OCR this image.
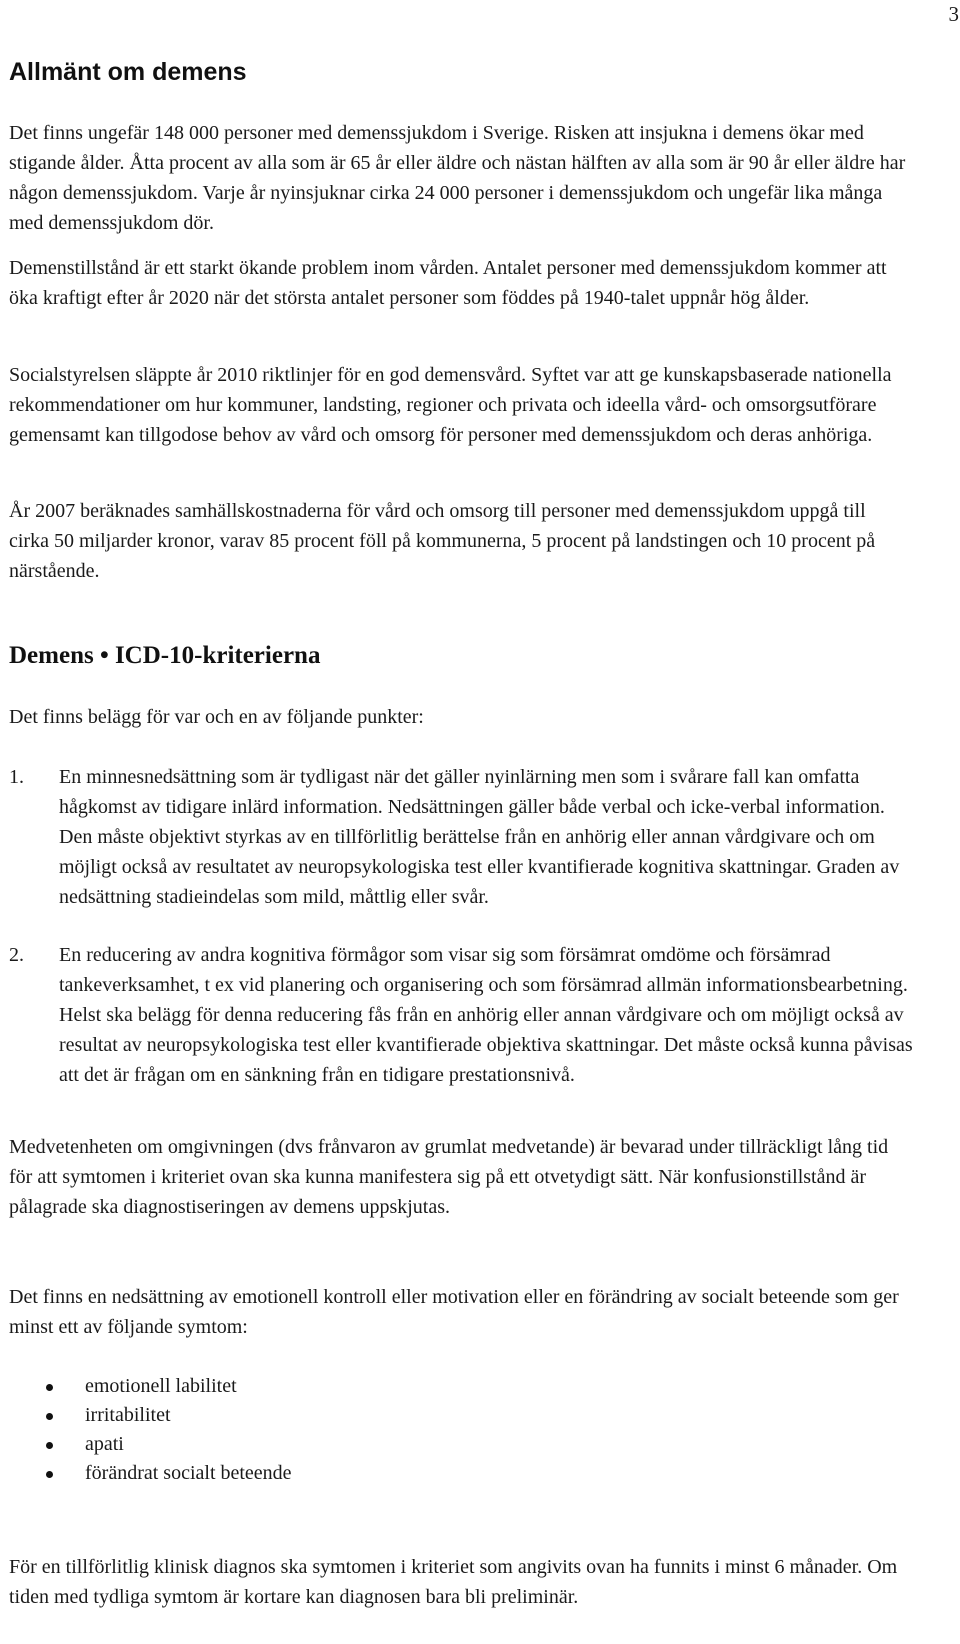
3
Allmänt om demens

Det finns ungefär 148 000 personer med demenssjukdom i Sverige. Risken att insjukna i demens ökar med stigande ålder. Åtta procent av alla som är 65 år eller äldre och nästan hälften av alla som är 90 år eller äldre har någon demenssjukdom. Varje år nyinsjuknar cirka 24 000 personer i demenssjukdom och ungefär lika många med demenssjukdom dör.

Demenstillstånd är ett starkt ökande problem inom vården. Antalet personer med demenssjukdom kommer att öka kraftigt efter år 2020 när det största antalet personer som föddes på 1940-talet uppnår hög ålder.

Socialstyrelsen släppte år 2010 riktlinjer för en god demensvård. Syftet var att ge kunskapsbaserade nationella rekommendationer om hur kommuner, landsting, regioner och privata och ideella vård- och omsorgsutförare gemensamt kan tillgodose behov av vård och omsorg för personer med demenssjukdom och deras anhöriga.

År 2007 beräknades samhällskostnaderna för vård och omsorg till personer med demenssjukdom uppgå till cirka 50 miljarder kronor, varav 85 procent föll på kommunerna, 5 procent på landstingen och 10 procent på närstående.

Demens • ICD-10-kriterierna

Det finns belägg för var och en av följande punkter:

1.	En minnesnedsättning som är tydligast när det gäller nyinlärning men som i svårare fall kan omfatta hågkomst av tidigare inlärd information. Nedsättningen gäller både verbal och icke-verbal information. Den måste objektivt styrkas av en tillförlitlig berättelse från en anhörig eller annan vårdgivare och om möjligt också av resultatet av neuropsykologiska test eller kvantifierade kognitiva skattningar. Graden av nedsättning stadieindelas som mild, måttlig eller svår.
2.	En reducering av andra kognitiva förmågor som visar sig som försämrat omdöme och försämrad tankeverksamhet, t ex vid planering och organisering och som försämrad allmän informationsbearbetning. Helst ska belägg för denna reducering fås från en anhörig eller annan vårdgivare och om möjligt också av resultat av neuropsykologiska test eller kvantifierade objektiva skattningar. Det måste också kunna påvisas att det är frågan om en sänkning från en tidigare prestationsnivå.

Medvetenheten om omgivningen (dvs frånvaron av grumlat medvetande) är bevarad under tillräckligt lång tid för att symtomen i kriteriet ovan ska kunna manifestera sig på ett otvetydigt sätt. När konfusionstillstånd är pålagrade ska diagnostiseringen av demens uppskjutas.

Det finns en nedsättning av emotionell kontroll eller motivation eller en förändring av socialt beteende som ger minst ett av följande symtom:

emotionell labilitet
irritabilitet
apati
förändrat socialt beteende

För en tillförlitlig klinisk diagnos ska symtomen i kriteriet som angivits ovan ha funnits i minst 6 månader. Om tiden med tydliga symtom är kortare kan diagnosen bara bli preliminär.
